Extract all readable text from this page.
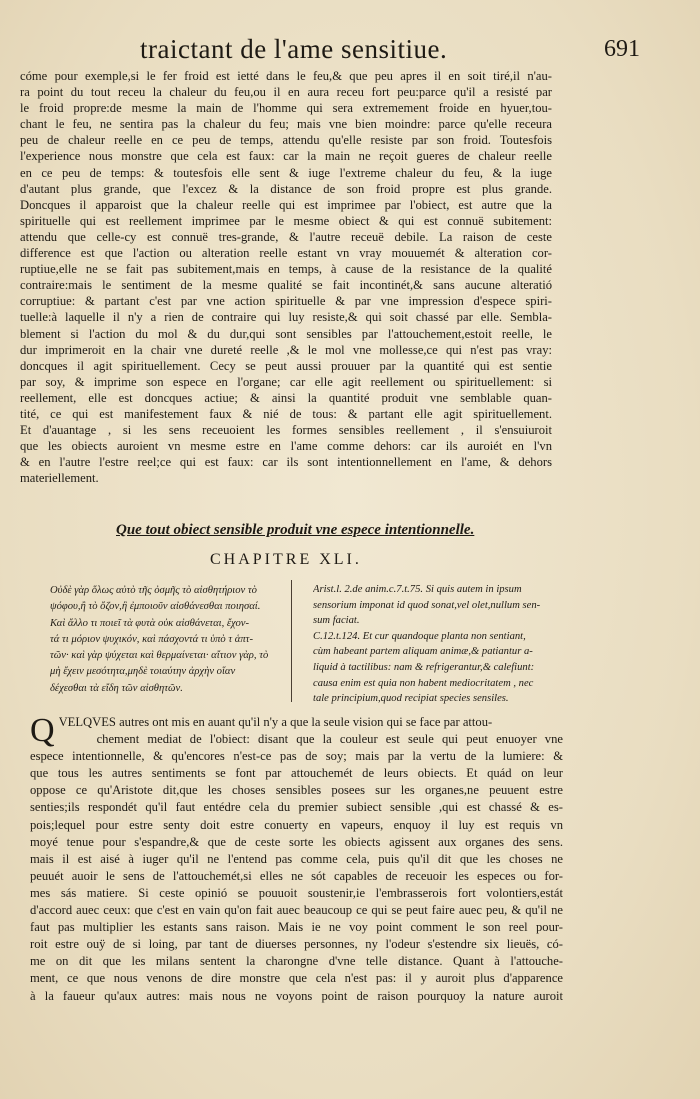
traictant de l'ame sensitiue.	691
cóme pour exemple,si le fer froid est ietté dans le feu,& que peu apres il en soit tiré,il n'au-
ra point du tout receu la chaleur du feu,ou il en aura receu fort peu:parce qu'il a resisté par
le froid propre:de mesme la main de l'homme qui sera extremement froide en hyuer,tou-
chant le feu, ne sentira pas la chaleur du feu; mais vne bien moindre: parce qu'elle receura
peu de chaleur reelle en ce peu de temps, attendu qu'elle resiste par son froid. Toutesfois
l'experience nous monstre que cela est faux: car la main ne reçoit gueres de chaleur reelle
en ce peu de temps: & toutesfois elle sent & iuge l'extreme chaleur du feu, & la iuge
d'autant plus grande, que l'excez & la distance de son froid propre est plus grande.
Doncques il apparoist que la chaleur reelle qui est imprimee par l'obiect, est autre que la
spirituelle qui est reellement imprimee par le mesme obiect & qui est connuë subitement:
attendu que celle-cy est connuë tres-grande, & l'autre receuë debile. La raison de ceste
difference est que l'action ou alteration reelle estant vn vray mouuemét & alteration cor-
ruptiue,elle ne se fait pas subitement,mais en temps, à cause de la resistance de la qualité
contraire:mais le sentiment de la mesme qualité se fait incontinét,& sans aucune alteratió
corruptiue: & partant c'est par vne action spirituelle & par vne impression d'espece spiri-
tuelle:à laquelle il n'y a rien de contraire qui luy resiste,& qui soit chassé par elle. Sembla-
blement si l'action du mol & du dur,qui sont sensibles par l'attouchement,estoit reelle, le
dur imprimeroit en la chair vne dureté reelle ,& le mol vne mollesse,ce qui n'est pas vray:
doncques il agit spirituellement. Cecy se peut aussi prouuer par la quantité qui est sentie
par soy, & imprime son espece en l'organe; car elle agit reellement ou spirituellement: si
reellement, elle est doncques actiue; & ainsi la quantité produit vne semblable quan-
tité, ce qui est manifestement faux & nié de tous: & partant elle agit spirituellement.
Et d'auantage , si les sens receuoient les formes sensibles reellement , il s'ensuiuroit
que les obiects auroient vn mesme estre en l'ame comme dehors: car ils auroiét en l'vn
& en l'autre l'estre reel;ce qui est faux: car ils sont intentionnellement en l'ame, & dehors
materiellement.
Que tout obiect sensible produit vne espece intentionnelle.
CHAPITRE XLI.
Οὐδὲ γὰρ ὅλως αὐτὸ τῆς ὀσμῆς τὸ αἰσθητήριον τὸ
ψόφου,ἢ τὸ ὄζον,ἢ ἐμποιοῦν αἰσθάνεσθαι ποιησαί.
Καὶ ἄλλο τι ποιεῖ τὰ φυτὰ οὐκ αἰσθάνεται, ἔχον-
τά τι μόριον ψυχικόν, καὶ πάσχοντά τι ὑπὸ τ ἁπτ-
τῶν· καὶ γὰρ ψύχεται καὶ θερμαίνεται· αἴτιον γὰρ, τὸ
μὴ ἔχειν μεσότητα,μηδὲ τοιαύτην ἀρχὴν οἵαν
δέχεσθαι τὰ εἴδη τῶν αἰσθητῶν.
Arist.l. 2.de anim.c.7.t.75. Si quis autem in ipsum
sensorium imponat id quod sonat,vel olet,nullum sen-
sum faciat.
C.12.t.124. Et cur quandoque planta non sentiant,
cùm habeant partem aliquam animæ,& patiantur a-
liquid à tactilibus: nam & refrigerantur,& calefiunt:
causa enim est quia non habent mediocritatem , nec
tale principium,quod recipiat species sensiles.
Q VELQVES autres ont mis en auant qu'il n'y a que la seule vision qui se face par attou-
chement mediat de l'obiect: disant que la couleur est seule qui peut enuoyer vne
espece intentionnelle, & qu'encores n'est-ce pas de soy; mais par la vertu de la lumiere: &
que tous les autres sentiments se font par attouchemét de leurs obiects. Et quád on leur
oppose ce qu'Aristote dit,que les choses sensibles posees sur les organes,ne peuuent estre
senties;ils respondét qu'il faut entédre cela du premier subiect sensible ,qui est chassé & es-
pois;lequel pour estre senty doit estre conuerty en vapeurs, enquoy il luy est requis vn
moyé tenue pour s'espandre,& que de ceste sorte les obiects agissent aux organes des sens.
mais il est aisé à iuger qu'il ne l'entend pas comme cela, puis qu'il dit que les choses ne
peuuét auoir le sens de l'attouchemét,si elles ne sót capables de receuoir les especes ou for-
mes sás matiere. Si ceste opinió se pouuoit soustenir,ie l'embrasserois fort volontiers,estát
d'accord auec ceux: que c'est en vain qu'on fait auec beaucoup ce qui se peut faire auec peu, & qu'il ne
faut pas multiplier les estants sans raison. Mais ie ne voy point comment le son reel pour-
roit estre ouÿ de si loing, par tant de diuerses personnes, ny l'odeur s'estendre six lieuës, có-
me on dit que les milans sentent la charongne d'vne telle distance. Quant à l'attouche-
ment, ce que nous venons de dire monstre que cela n'est pas: il y auroit plus d'apparence
à la faueur qu'aux autres: mais nous ne voyons point de raison pourquoy la nature auroit
